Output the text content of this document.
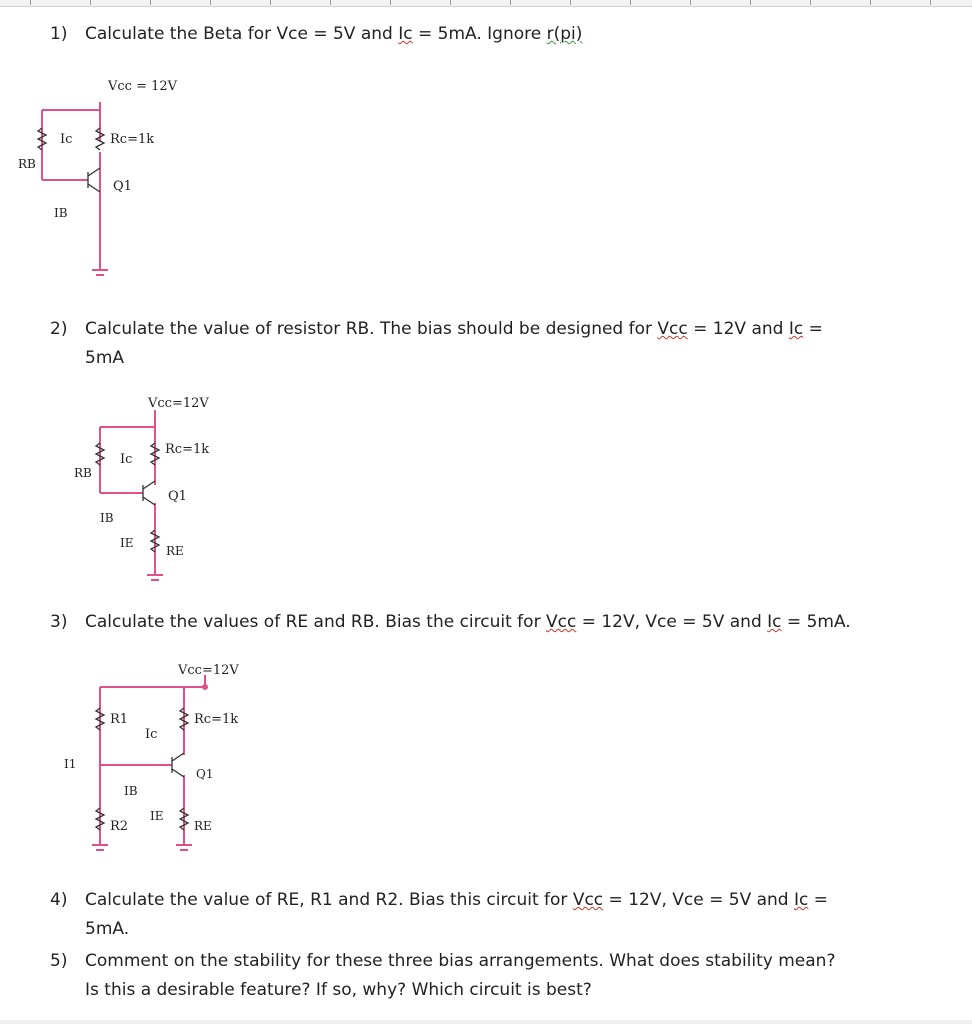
1) Calculate the Beta for Vce = 5V and Ic = 5mA. Ignore r(pi)
2) Calculate the value of resistor RB. The bias should be designed for Vcc = 12V and Ic =
5mA
3) Calculate the values of RE and RB. Bias the circuit for Vcc = 12V, Vce = 5V and Ic = 5mA.
4) Calculate the value of RE, R1 and R2. Bias this circuit for Vcc = 12V, Vce = 5V and Ic =
5mA.
5) Comment on the stability for these three bias arrangements. What does stability mean?
Is this a desirable feature? If so, why? Which circuit is best?
Vcc = 12V
Ic	Rc=1k
RB
Q1
IB
Vcc=12V
Ic
Rc=1k
RB
Q1
IB
IE
RE
Vcc=12V
R1
Ic
Rc=1k
I1
Q1
IB
R2
IE
RE
